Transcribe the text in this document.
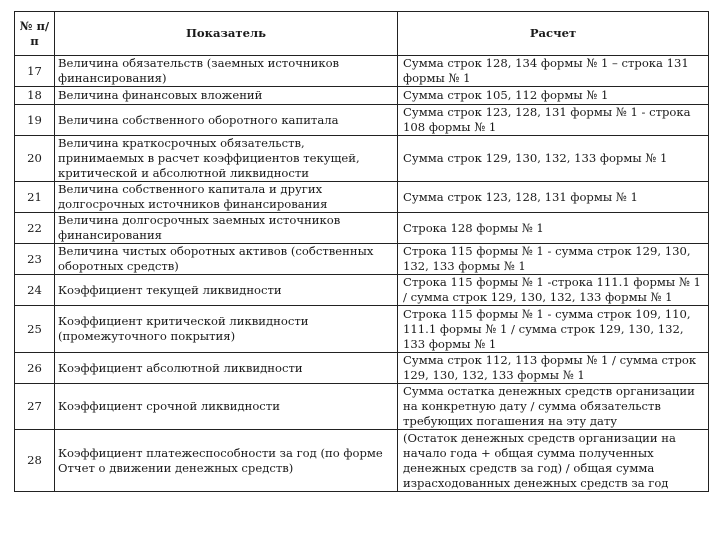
№ п/п	Показатель	Расчет
17	Величина обязательств (заемных источников финансирования)	Сумма строк 128, 134 формы № 1 – строка 131 формы № 1
18	Величина финансовых вложений	Сумма строк 105, 112 формы № 1
19	Величина собственного оборотного капитала	Сумма строк 123, 128, 131 формы № 1 - строка 108 формы № 1
20	Величина краткосрочных обязательств, принимаемых в расчет коэффициентов текущей, критической и абсолютной ликвидности	Сумма строк 129, 130, 132, 133 формы № 1
21	Величина собственного капитала и других долгосрочных источников финансирования	Сумма строк 123, 128, 131 формы № 1
22	Величина долгосрочных заемных источников финансирования	Строка 128 формы № 1
23	Величина чистых оборотных активов (собственных оборотных средств)	Строка 115 формы № 1 - сумма строк 129, 130, 132, 133 формы № 1
24	Коэффициент текущей ликвидности	Строка 115 формы № 1 -строка 111.1 формы № 1 / сумма строк 129, 130, 132, 133 формы № 1
25	Коэффициент критической ликвидности (промежуточного покрытия)	Строка 115 формы № 1 - сумма строк 109, 110, 111.1 формы № 1 / сумма строк 129, 130, 132, 133 формы № 1
26	Коэффициент абсолютной ликвидности	Сумма строк 112, 113 формы № 1 / сумма строк 129, 130, 132, 133 формы № 1
27	Коэффициент срочной ликвидности	Сумма остатка денежных средств организации на конкретную дату / сумма обязательств требующих погашения на эту дату
28	Коэффициент платежеспособности за год (по форме Отчет о движении денежных средств)	(Остаток денежных средств организации на начало года + общая сумма полученных денежных средств за год) / общая сумма израсходованных денежных средств за год
